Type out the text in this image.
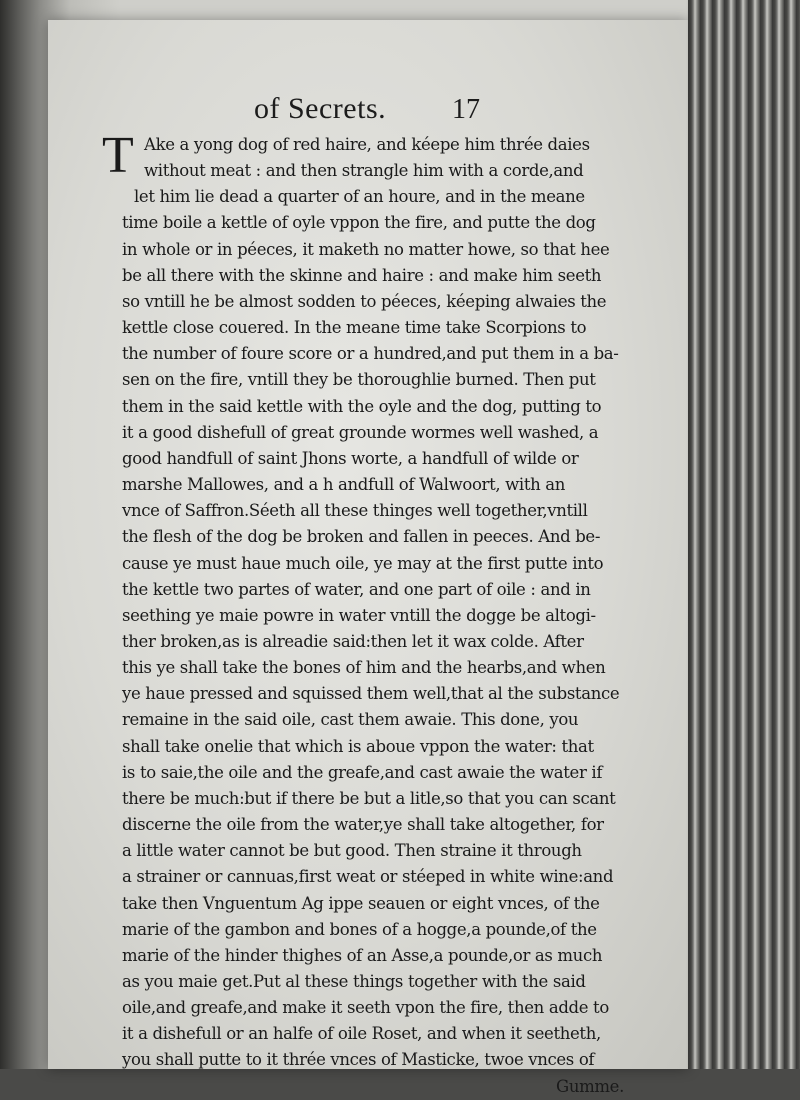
of Secrets. 17
T Ake a yong dog of red haire, and kéepe him thrée daies
without meat : and then strangle him with a corde,and
let him lie dead a quarter of an houre, and in the meane
time boile a kettle of oyle vppon the fire, and putte the dog
in whole or in péeces, it maketh no matter howe, so that hee
be all there with the skinne and haire : and make him seeth
so vntill he be almost sodden to péeces, kéeping alwaies the
kettle close couered. In the meane time take Scorpions to
the number of foure score or a hundred,and put them in a ba-
sen on the fire, vntill they be thoroughlie burned. Then put
them in the said kettle with the oyle and the dog, putting to
it a good dishefull of great grounde wormes well washed, a
good handfull of saint Jhons worte, a handfull of wilde or
marshe Mallowes, and a h andfull of Walwoort, with an
vnce of Saffron.Séeth all these thinges well together,vntill
the flesh of the dog be broken and fallen in peeces. And be-
cause ye must haue much oile, ye may at the first putte into
the kettle two partes of water, and one part of oile : and in
seething ye maie powre in water vntill the dogge be altogi-
ther broken,as is alreadie said:then let it wax colde. After
this ye shall take the bones of him and the hearbs,and when
ye haue pressed and squissed them well,that al the substance
remaine in the said oile, cast them awaie. This done, you
shall take onelie that which is aboue vppon the water: that
is to saie,the oile and the greafe,and cast awaie the water if
there be much:but if there be but a litle,so that you can scant
discerne the oile from the water,ye shall take altogether, for
a little water cannot be but good. Then straine it through
a strainer or cannuas,first weat or stéeped in white wine:and
take then Vnguentum Ag ippe seauen or eight vnces, of the
marie of the gambon and bones of a hogge,a pounde,of the
marie of the hinder thighes of an Asse,a pounde,or as much
as you maie get.Put al these things together with the said
oile,and greafe,and make it seeth vpon the fire, then adde to
it a dishefull or an halfe of oile Roset, and when it seetheth,
you shall putte to it thrée vnces of Masticke, twoe vnces of
Gumme.
